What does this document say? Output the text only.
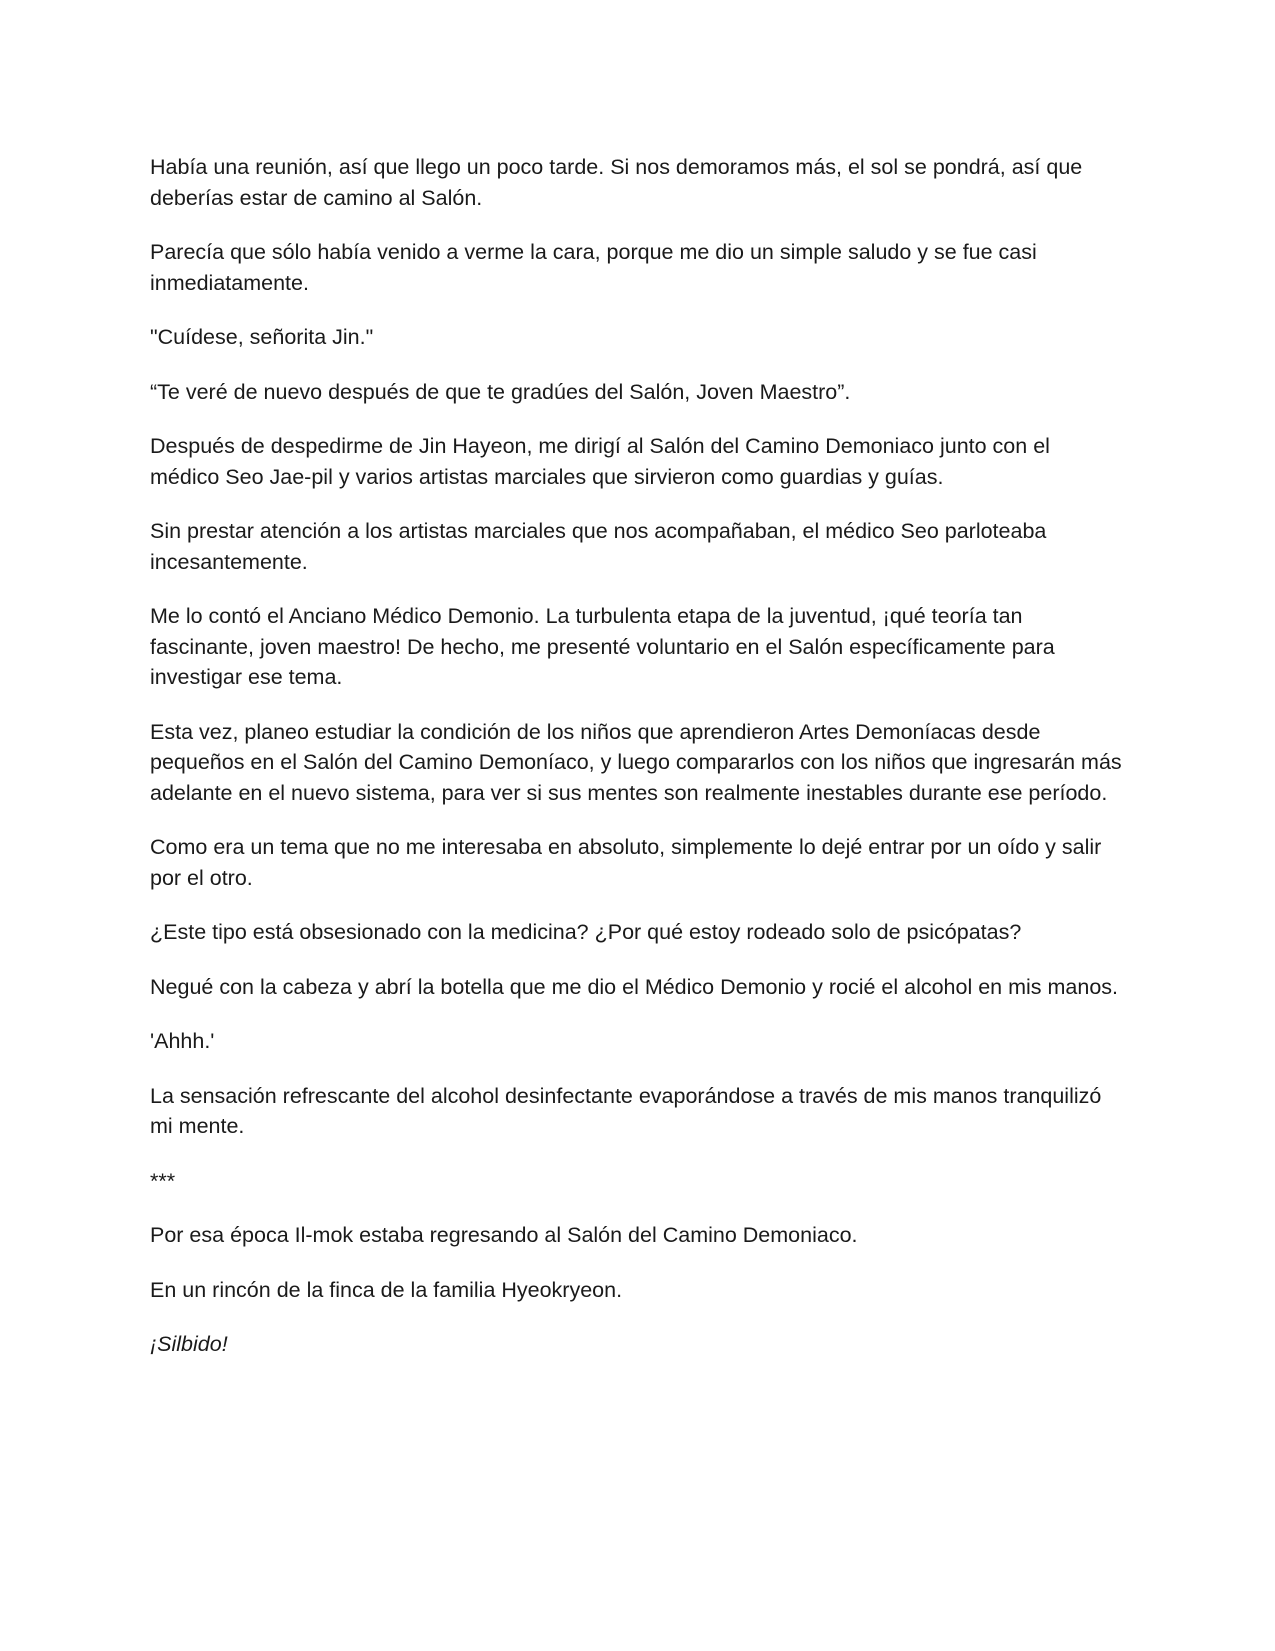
Había una reunión, así que llego un poco tarde. Si nos demoramos más, el sol se pondrá, así que deberías estar de camino al Salón.

Parecía que sólo había venido a verme la cara, porque me dio un simple saludo y se fue casi inmediatamente.

"Cuídese, señorita Jin."

“Te veré de nuevo después de que te gradúes del Salón, Joven Maestro”.

Después de despedirme de Jin Hayeon, me dirigí al Salón del Camino Demoniaco junto con el médico Seo Jae-pil y varios artistas marciales que sirvieron como guardias y guías.

Sin prestar atención a los artistas marciales que nos acompañaban, el médico Seo parloteaba incesantemente.

Me lo contó el Anciano Médico Demonio. La turbulenta etapa de la juventud, ¡qué teoría tan fascinante, joven maestro! De hecho, me presenté voluntario en el Salón específicamente para investigar ese tema.

Esta vez, planeo estudiar la condición de los niños que aprendieron Artes Demoníacas desde pequeños en el Salón del Camino Demoníaco, y luego compararlos con los niños que ingresarán más adelante en el nuevo sistema, para ver si sus mentes son realmente inestables durante ese período.

Como era un tema que no me interesaba en absoluto, simplemente lo dejé entrar por un oído y salir por el otro.

¿Este tipo está obsesionado con la medicina? ¿Por qué estoy rodeado solo de psicópatas?

Negué con la cabeza y abrí la botella que me dio el Médico Demonio y rocié el alcohol en mis manos.

'Ahhh.'

La sensación refrescante del alcohol desinfectante evaporándose a través de mis manos tranquilizó mi mente.

***

Por esa época Il-mok estaba regresando al Salón del Camino Demoniaco.

En un rincón de la finca de la familia Hyeokryeon.

¡Silbido!
